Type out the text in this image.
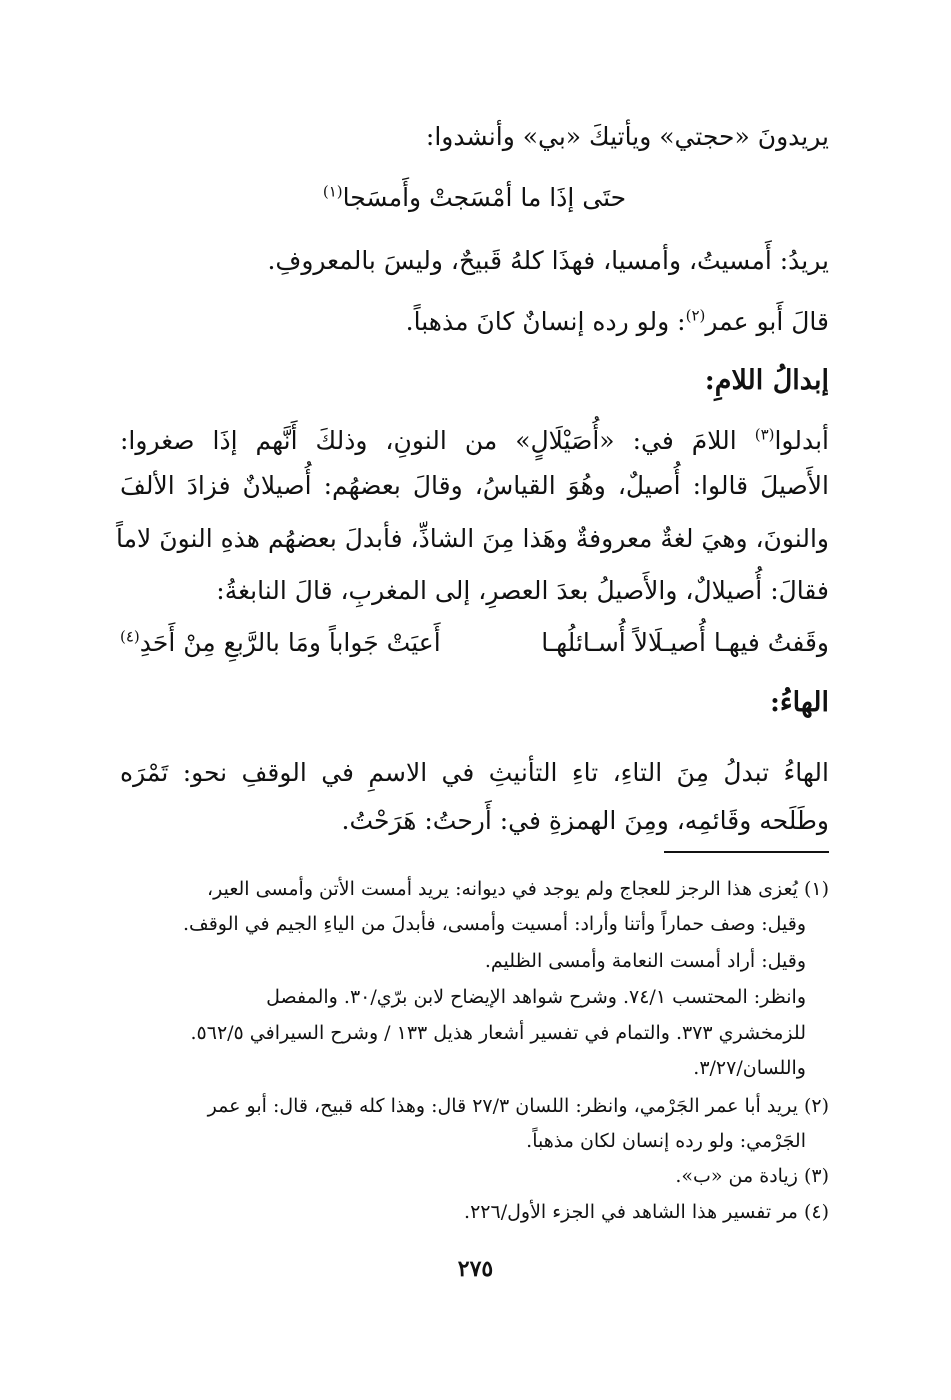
يريدونَ «حجتي» ويأتيكَ «بي» وأنشدوا:
حتَى إذَا ما أمْسَجتْ وأَمسَجا$^{(١)}$
يريدُ: أَمسيتُ، وأمسيا، فهذَا كلهُ قَبيحٌ، وليسَ بالمعروفِ.
قالَ أَبو عمر$^{(٢)}$: ولو رده إنسانٌ كانَ مذهباً.
إبدالُ اللامِ:
أبدلوا$^{(٣)}$ اللامَ في: «أُصَيْلَالٍ» من النونِ، وذلكَ أَنَّهم إذَا صغروا:
الأَصيلَ قالوا: أُصيلٌ، وهُوَ القياسُ، وقالَ بعضهُم: أُصيلانٌ فزادَ الألفَ
والنونَ، وهيَ لغةٌ معروفةٌ وهَذا مِنَ الشاذِّ، فأبدلَ بعضهُم هذهِ النونَ لاماً
فقالَ: أُصيلالٌ، والأَصيلُ بعدَ العصرِ، إلى المغربِ، قالَ النابغةُ:
وقَفتُ فيهـا أُصيـلَالاً أُسـائلُهـا
أَعيَتْ جَواباً ومَا بالرَّبعِ مِنْ أَحَدِ$^{(٤)}$
الهاءُ:
الهاءُ تبدلُ مِنَ التاءِ، تاءِ التأنيثِ في الاسمِ في الوقفِ نحو: تَمْرَه
وطَلَحه وقَائمِه، ومِنَ الهمزةِ في: أَرحتُ: هَرَحْتُ.
(١) يُعزى هذا الرجز للعجاج ولم يوجد في ديوانه: يريد أمست الأتن وأمسى العير،
وقيل: وصف حماراً وأتنا وأراد: أمسيت وأمسى، فأبدلَ من الياءِ الجيم في الوقف.
وقيل: أراد أمست النعامة وأمسى الظليم.
وانظر: المحتسب ٧٤/١. وشرح شواهد الإيضاح لابن برّي/٣٠. والمفصل
للزمخشري ٣٧٣. والتمام في تفسير أشعار هذيل ١٣٣ / وشرح السيرافي ٥٦٢/٥.
واللسان/٣/٢٧.
(٢) يريد أبا عمر الجَرْمي، وانظر: اللسان ٢٧/٣ قال: وهذا كله قبيح، قال: أبو عمر
الجَرْمي: ولو رده إنسان لكان مذهباً.
(٣) زيادة من «ب».
(٤) مر تفسير هذا الشاهد في الجزء الأول/٢٢٦.
٢٧٥
